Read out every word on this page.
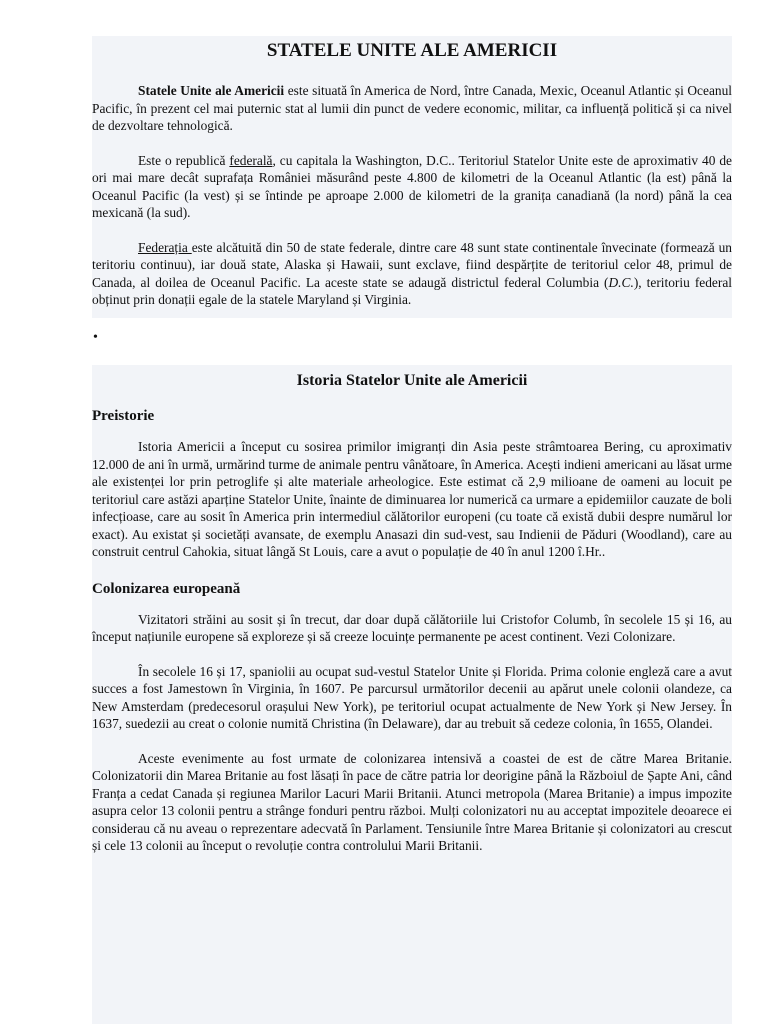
STATELE UNITE ALE AMERICII

Statele Unite ale Americii este situată în America de Nord, între Canada, Mexic, Oceanul Atlantic și Oceanul Pacific, în prezent cel mai puternic stat al lumii din punct de vedere economic, militar, ca influență politică și ca nivel de dezvoltare tehnologică.

Este o republică federală, cu capitala la Washington, D.C.. Teritoriul Statelor Unite este de aproximativ 40 de ori mai mare decât suprafața României măsurând peste 4.800 de kilometri de la Oceanul Atlantic (la est) până la Oceanul Pacific (la vest) și se întinde pe aproape 2.000 de kilometri de la granița canadiană (la nord) până la cea mexicană (la sud).

Federația este alcătuită din 50 de state federale, dintre care 48 sunt state continentale învecinate (formează un teritoriu continuu), iar două state, Alaska și Hawaii, sunt exclave, fiind despărțite de teritoriul celor 48, primul de Canada, al doilea de Oceanul Pacific. La aceste state se adaugă districtul federal Columbia (D.C.), teritoriu federal obținut prin donații egale de la statele Maryland și Virginia.

•
Istoria Statelor Unite ale Americii
Preistorie

Istoria Americii a început cu sosirea primilor imigranți din Asia peste strâmtoarea Bering, cu aproximativ 12.000 de ani în urmă, urmărind turme de animale pentru vânătoare, în America. Acești indieni americani au lăsat urme ale existenței lor prin petroglife și alte materiale arheologice. Este estimat că 2,9 milioane de oameni au locuit pe teritoriul care astăzi aparține Statelor Unite, înainte de diminuarea lor numerică ca urmare a epidemiilor cauzate de boli infecțioase, care au sosit în America prin intermediul călătorilor europeni (cu toate că există dubii despre numărul lor exact). Au existat și societăți avansate, de exemplu Anasazi din sud-vest, sau Indienii de Păduri (Woodland), care au construit centrul Cahokia, situat lângă St Louis, care a avut o populație de 40 în anul 1200 î.Hr..

Colonizarea europeană

Vizitatori străini au sosit și în trecut, dar doar după călătoriile lui Cristofor Columb, în secolele 15 și 16, au început națiunile europene să exploreze și să creeze locuințe permanente pe acest continent. Vezi Colonizare.

În secolele 16 și 17, spaniolii au ocupat sud-vestul Statelor Unite și Florida. Prima colonie engleză care a avut succes a fost Jamestown în Virginia, în 1607. Pe parcursul următorilor decenii au apărut unele colonii olandeze, ca New Amsterdam (predecesorul orașului New York), pe teritoriul ocupat actualmente de New York și New Jersey. În 1637, suedezii au creat o colonie numită Christina (în Delaware), dar au trebuit să cedeze colonia, în 1655, Olandei.

Aceste evenimente au fost urmate de colonizarea intensivă a coastei de est de către Marea Britanie. Colonizatorii din Marea Britanie au fost lăsați în pace de către patria lor deorigine până la Războiul de Șapte Ani, când Franța a cedat Canada și regiunea Marilor Lacuri Marii Britanii. Atunci metropola (Marea Britanie) a impus impozite asupra celor 13 colonii pentru a strânge fonduri pentru război. Mulți colonizatori nu au acceptat impozitele deoarece ei considerau că nu aveau o reprezentare adecvată în Parlament. Tensiunile între Marea Britanie și colonizatori au crescut și cele 13 colonii au început o revoluție contra controlului Marii Britanii.
